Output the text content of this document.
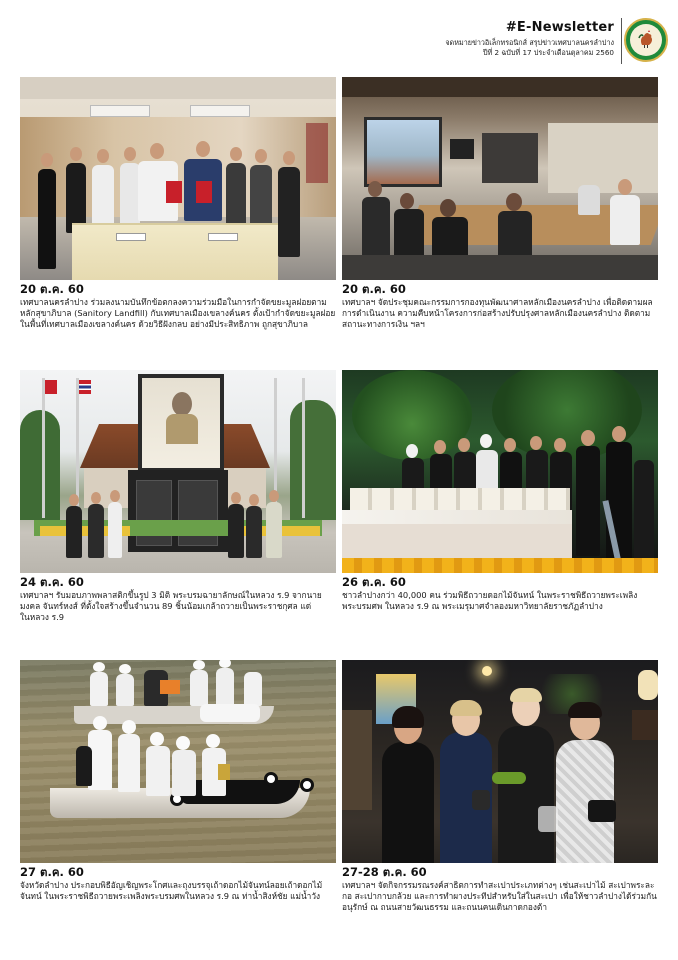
#E-Newsletter
จดหมายข่าวอิเล็กทรอนิกส์ สรุปข่าวเทศบาลนครลำปาง
ปีที่ 2 ฉบับที่ 17 ประจำเดือนตุลาคม 2560
20 ต.ค. 60
เทศบาลนครลำปาง ร่วมลงนามบันทึกข้อตกลงความร่วมมือในการกำจัดขยะมูลฝอยตามหลักสุขาภิบาล (Sanitory Landfill) กับเทศบาลเมืองเขลางค์นคร ตั้งเป้ากำจัดขยะมูลฝอยในพื้นที่เทศบาลเมืองเขลางค์นคร ด้วยวิธีฝังกลบ อย่างมีประสิทธิภาพ ถูกสุขาภิบาล
20 ต.ค. 60
เทศบาลฯ จัดประชุมคณะกรรมการกองทุนพัฒนาศาลหลักเมืองนครลำปาง เพื่อติดตามผลการดำเนินงาน ความคืบหน้าโครงการก่อสร้างปรับปรุงศาลหลักเมืองนครลำปาง ติดตามสถานะทางการเงิน ฯลฯ
24 ต.ค. 60
เทศบาลฯ รับมอบภาพพลาสติกขึ้นรูป 3 มิติ พระบรมฉายาลักษณ์ในหลวง ร.9 จากนายมงคล จันทร์หงส์ ที่ตั้งใจสร้างขึ้นจำนวน 89 ชิ้นน้อมเกล้าถวายเป็นพระราชกุศล แด่ในหลวง ร.9
26 ต.ค. 60
ชาวลำปางกว่า 40,000 คน ร่วมพิธีถวายดอกไม้จันทน์ ในพระราชพิธีถวายพระเพลิงพระบรมศพ ในหลวง ร.9 ณ พระเมรุมาศจำลองมหาวิทยาลัยราชภัฏลำปาง
27 ต.ค. 60
จังหวัดลำปาง ประกอบพิธีอัญเชิญพระโกศและถุงบรรจุเถ้าดอกไม้จันทน์ลอยเถ้าดอกไม้จันทน์ ในพระราชพิธีถวายพระเพลิงพระบรมศพในหลวง ร.9 ณ ท่าน้ำสิงห์ชัย แม่น้ำวัง
27-28 ต.ค. 60
เทศบาลฯ จัดกิจกรรมรณรงค์สาธิตการทำสะเปาประเภทต่างๆ เช่นสะเปาไม้ สะเปาพระละกอ สะเปากาบกล้วย และการทำผางประทีปสำหรับใส่ในสะเปา เพื่อให้ชาวลำปางได้ร่วมกันอนุรักษ์ ณ ถนนสายวัฒนธรรม และถนนคนเดินกาดกองต้า
